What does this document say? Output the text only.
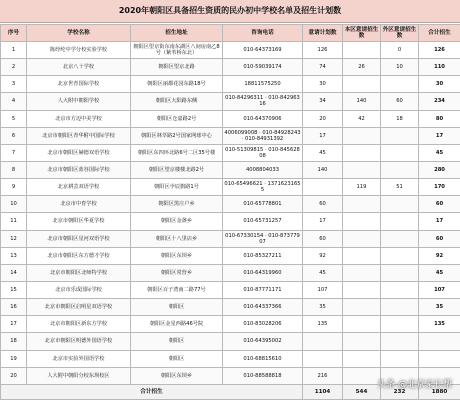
2020年朝阳区具备招生资质的民办初中学校名单及招生计划数
序号	学校名称	招生地址	咨询电话	意请计划数	本区意请招生数	外区意请招生数	合计招生
1	陈经纶中学分校实验学校	朝阳区望京街东南东湖区八间房南乙8号（紫苇桥东北）	010-64373169	126		0	126
2	北京八十学校	朝阳区望京北路	010-59039174	74	26	10	110
3	北京世青国际学校	朝阳区丽都花园东路18号	18811575250	30			30
4	人大附中朝阳学校	朝阳区大阳路东侧	010-84296311 · 010-84296316	34	140	60	234
5	北京市方迈中美学校	朝阳区仓嘉路2号	010-64370906	20	42	18	80
6	北京市朝阳区青华附中国际学校	朝阳区林萃路2号国家网球中心	4006099008 · 010-84928243 · 010-84931392	17			17
7	北京市朝阳区赫德双语学校	朝阳区东四环北路6号二区35号楼	010-51309815 · 010-84562808	45			45
8	北京市朝阳区蓝谷国际学校	朝阳区望京楼楼北路2号	4008804033	140			280
9	北京耕芸双语学校	朝阳区孛辰旗路1号	010-65496621 · 13716231655		119	51	170
10	北京市中育学校	朝阳区黑庄户乡	010-65778801	60			60
11	北京市朝阳区华夏学校	朝阳区金盏乡	010-65731257	17			17
12	北京市朝阳区星河双语学校	朝阳区十八里店乡	010-67330154 · 010-87377907	60			60
13	北京市朝阳区东方德才学校	朝阳区东坝乡	010-85327211	92			92
14	北京市朝阳区北师特学校	朝阳区常营乡	010-64319960	45			45
15	北京市乐成国际学校	朝阳区百子湾南二路77号	010-87771171	107			107
16	北京市朝阳区启明星双语学校	朝阳区	010-64337366	35			35
17	北京市朝阳区新东方学校	朝阳区金星西路46号院	010-83028206	135			135
18	北京市朝阳区明德外国语学校	朝阳区	010-64395002				
19	北京市实验外国语学校	朝阳区	010-68815610				
20	人大附中朝阳分校东坝校区	朝阳区东坝乡	010-88588818	216			
合计招生				1104	544	232	1880
头条 @北京家长帮
